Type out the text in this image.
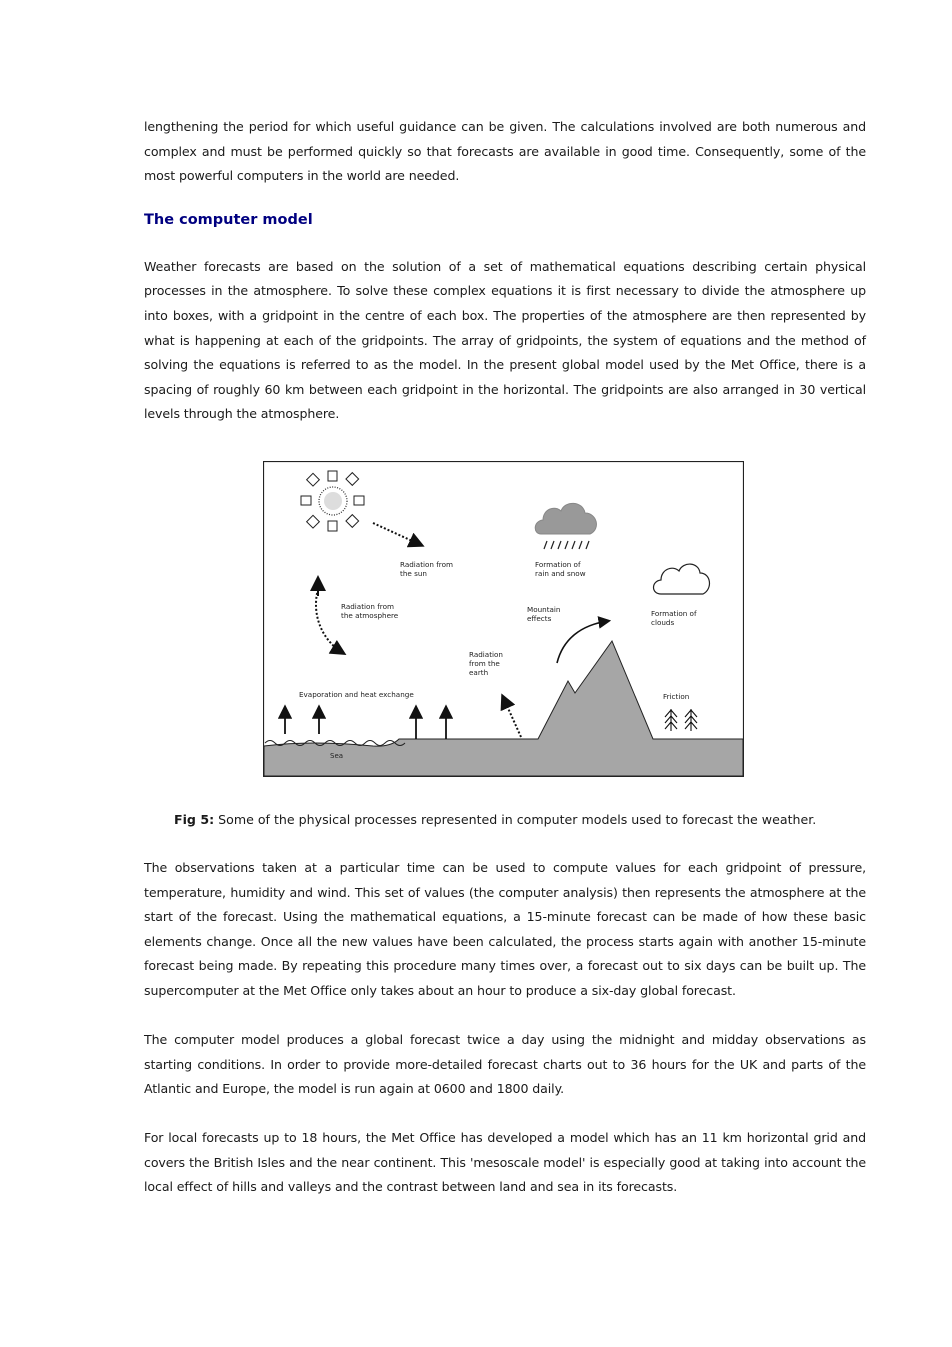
lengthening the period for which useful guidance can be given. The calculations involved are both numerous and complex and must be performed quickly so that forecasts are available in good time. Consequently, some of the most powerful computers in the world are needed.

The computer model

Weather forecasts are based on the solution of a set of mathematical equations describing certain physical processes in the atmosphere. To solve these complex equations it is first necessary to divide the atmosphere up into boxes, with a gridpoint in the centre of each box. The properties of the atmosphere are then represented by what is happening at each of the gridpoints. The array of gridpoints, the system of equations and the method of solving the equations is referred to as the model. In the present global model used by the Met Office, there is a spacing of roughly 60 km between each gridpoint in the horizontal. The gridpoints are also arranged in 30 vertical levels through the atmosphere.

Sea
Radiation from
the sun
Formation of
rain and snow
Formation of
clouds
Radiation from
the atmosphere
Mountain
effects
Radiation
from the
earth
Evaporation and heat exchange	Friction
Fig 5: Some of the physical processes represented in computer models used to forecast the weather.

The observations taken at a particular time can be used to compute values for each gridpoint of pressure, temperature, humidity and wind. This set of values (the computer analysis) then represents the atmosphere at the start of the forecast. Using the mathematical equations, a 15-minute forecast can be made of how these basic elements change. Once all the new values have been calculated, the process starts again with another 15-minute forecast being made. By repeating this procedure many times over, a forecast out to six days can be built up. The supercomputer at the Met Office only takes about an hour to produce a six-day global forecast.

The computer model produces a global forecast twice a day using the midnight and midday observations as starting conditions. In order to provide more-detailed forecast charts out to 36 hours for the UK and parts of the Atlantic and Europe, the model is run again at 0600 and 1800 daily.

For local forecasts up to 18 hours, the Met Office has developed a model which has an 11 km horizontal grid and covers the British Isles and the near continent. This 'mesoscale model' is especially good at taking into account the local effect of hills and valleys and the contrast between land and sea in its forecasts.
